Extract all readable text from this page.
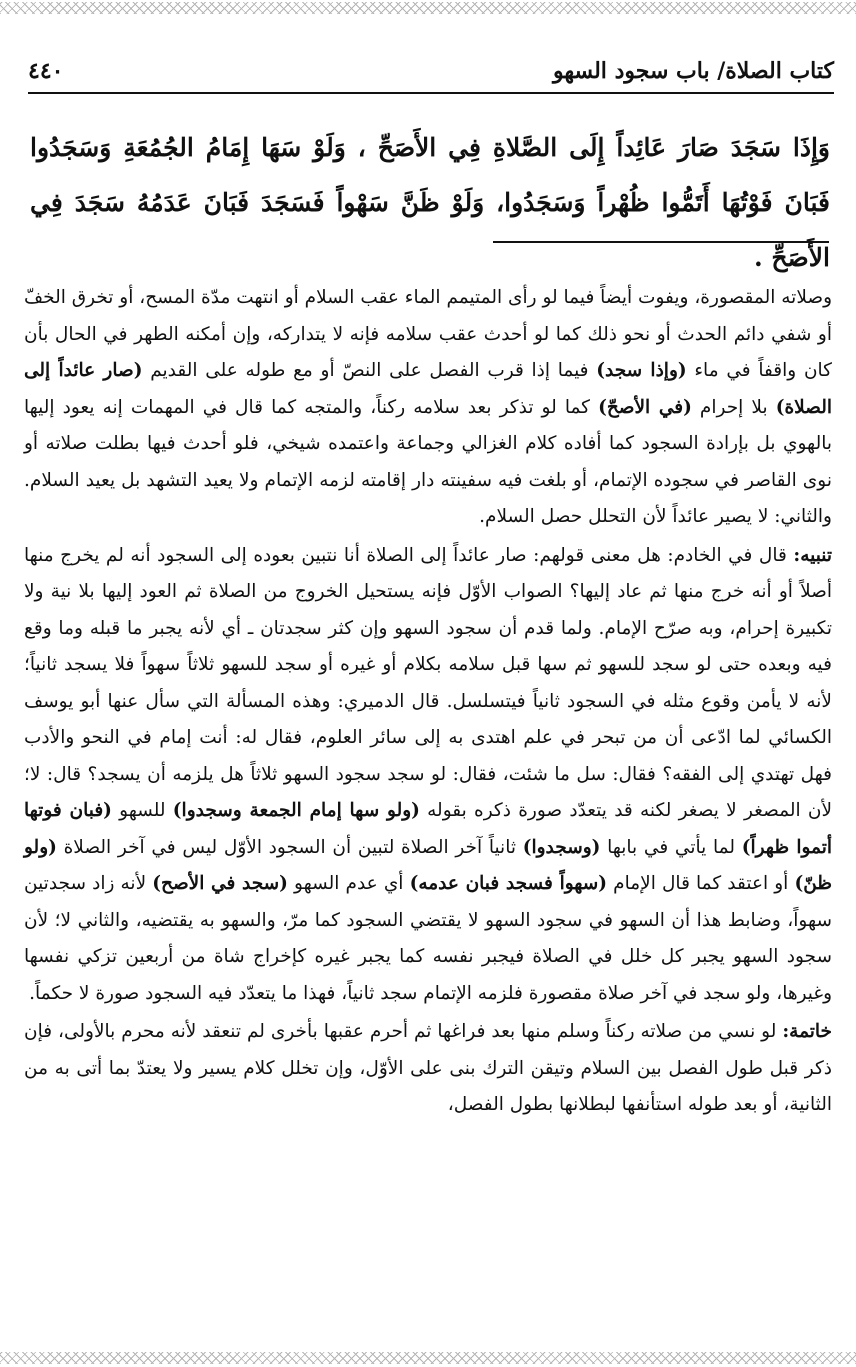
كتاب الصلاة/ باب سجود السهو
٤٤٠

وَإِذَا سَجَدَ صَارَ عَائِداً إِلَى الصَّلاةِ فِي الأَصَحِّ ، وَلَوْ سَهَا إِمَامُ الجُمُعَةِ وَسَجَدُوا فَبَانَ فَوْتُهَا أَتَمُّوا ظُهْراً وَسَجَدُوا، وَلَوْ ظَنَّ سَهْواً فَسَجَدَ فَبَانَ عَدَمُهُ سَجَدَ فِي الأَصَحِّ .

وصلاته المقصورة، ويفوت أيضاً فيما لو رأى المتيمم الماء عقب السلام أو انتهت مدّة المسح، أو تخرق الخفّ أو شفي دائم الحدث أو نحو ذلك كما لو أحدث عقب سلامه فإنه لا يتداركه، وإن أمكنه الطهر في الحال بأن كان واقفاً في ماء (وإذا سجد) فيما إذا قرب الفصل على النصّ أو مع طوله على القديم (صار عائداً إلى الصلاة) بلا إحرام (في الأصحّ) كما لو تذكر بعد سلامه ركناً، والمتجه كما قال في المهمات إنه يعود إليها بالهوي بل بإرادة السجود كما أفاده كلام الغزالي وجماعة واعتمده شيخي، فلو أحدث فيها بطلت صلاته أو نوى القاصر في سجوده الإتمام، أو بلغت فيه سفينته دار إقامته لزمه الإتمام ولا يعيد التشهد بل يعيد السلام. والثاني: لا يصير عائداً لأن التحلل حصل السلام.

تنبيه: قال في الخادم: هل معنى قولهم: صار عائداً إلى الصلاة أنا نتبين بعوده إلى السجود أنه لم يخرج منها أصلاً أو أنه خرج منها ثم عاد إليها؟ الصواب الأوّل فإنه يستحيل الخروج من الصلاة ثم العود إليها بلا نية ولا تكبيرة إحرام، وبه صرّح الإمام. ولما قدم أن سجود السهو وإن كثر سجدتان ـ أي لأنه يجبر ما قبله وما وقع فيه وبعده حتى لو سجد للسهو ثم سها قبل سلامه بكلام أو غيره أو سجد للسهو ثلاثاً سهواً فلا يسجد ثانياً؛ لأنه لا يأمن وقوع مثله في السجود ثانياً فيتسلسل. قال الدميري: وهذه المسألة التي سأل عنها أبو يوسف الكسائي لما ادّعى أن من تبحر في علم اهتدى به إلى سائر العلوم، فقال له: أنت إمام في النحو والأدب فهل تهتدي إلى الفقه؟ فقال: سل ما شئت، فقال: لو سجد سجود السهو ثلاثاً هل يلزمه أن يسجد؟ قال: لا؛ لأن المصغر لا يصغر لكنه قد يتعدّد صورة ذكره بقوله (ولو سها إمام الجمعة وسجدوا) للسهو (فبان فوتها أتموا ظهراً) لما يأتي في بابها (وسجدوا) ثانياً آخر الصلاة لتبين أن السجود الأوّل ليس في آخر الصلاة (ولو ظنّ) أو اعتقد كما قال الإمام (سهواً فسجد فبان عدمه) أي عدم السهو (سجد في الأصح) لأنه زاد سجدتين سهواً، وضابط هذا أن السهو في سجود السهو لا يقتضي السجود كما مرّ، والسهو به يقتضيه، والثاني لا؛ لأن سجود السهو يجبر كل خلل في الصلاة فيجبر نفسه كما يجبر غيره كإخراج شاة من أربعين تزكي نفسها وغيرها، ولو سجد في آخر صلاة مقصورة فلزمه الإتمام سجد ثانياً، فهذا ما يتعدّد فيه السجود صورة لا حكماً.

خاتمة: لو نسي من صلاته ركناً وسلم منها بعد فراغها ثم أحرم عقبها بأخرى لم تنعقد لأنه محرم بالأولى، فإن ذكر قبل طول الفصل بين السلام وتيقن الترك بنى على الأوّل، وإن تخلل كلام يسير ولا يعتدّ بما أتى به من الثانية، أو بعد طوله استأنفها لبطلانها بطول الفصل،
